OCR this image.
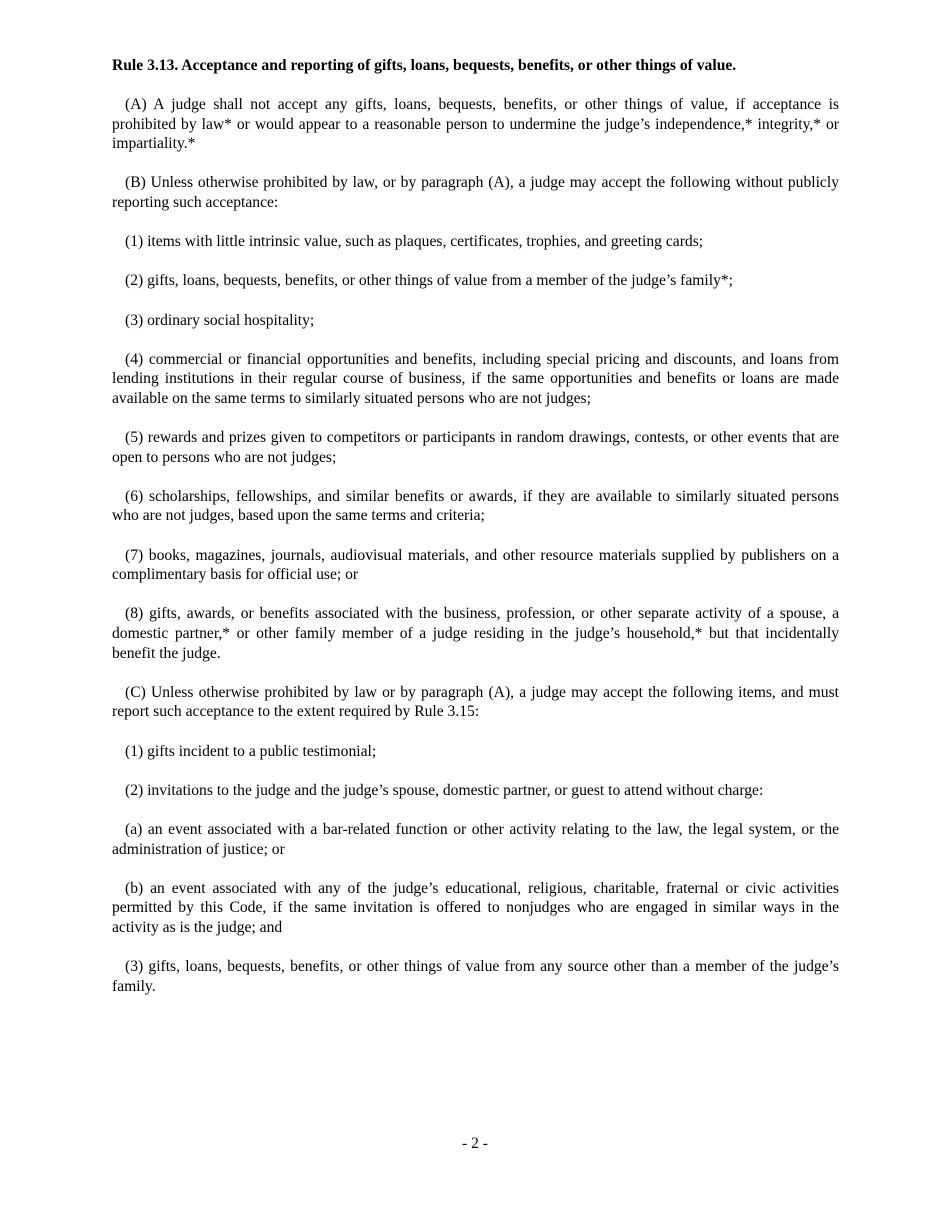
Rule 3.13. Acceptance and reporting of gifts, loans, bequests, benefits, or other things of value.

(A) A judge shall not accept any gifts, loans, bequests, benefits, or other things of value, if acceptance is prohibited by law* or would appear to a reasonable person to undermine the judge’s independence,* integrity,* or impartiality.*

(B) Unless otherwise prohibited by law, or by paragraph (A), a judge may accept the following without publicly reporting such acceptance:

(1) items with little intrinsic value, such as plaques, certificates, trophies, and greeting cards;

(2) gifts, loans, bequests, benefits, or other things of value from a member of the judge’s family*;

(3) ordinary social hospitality;

(4) commercial or financial opportunities and benefits, including special pricing and discounts, and loans from lending institutions in their regular course of business, if the same opportunities and benefits or loans are made available on the same terms to similarly situated persons who are not judges;

(5) rewards and prizes given to competitors or participants in random drawings, contests, or other events that are open to persons who are not judges;

(6) scholarships, fellowships, and similar benefits or awards, if they are available to similarly situated persons who are not judges, based upon the same terms and criteria;

(7) books, magazines, journals, audiovisual materials, and other resource materials supplied by publishers on a complimentary basis for official use; or

(8) gifts, awards, or benefits associated with the business, profession, or other separate activity of a spouse, a domestic partner,* or other family member of a judge residing in the judge’s household,* but that incidentally benefit the judge.

(C) Unless otherwise prohibited by law or by paragraph (A), a judge may accept the following items, and must report such acceptance to the extent required by Rule 3.15:

(1) gifts incident to a public testimonial;

(2) invitations to the judge and the judge’s spouse, domestic partner, or guest to attend without charge:

(a) an event associated with a bar-related function or other activity relating to the law, the legal system, or the administration of justice; or

(b) an event associated with any of the judge’s educational, religious, charitable, fraternal or civic activities permitted by this Code, if the same invitation is offered to nonjudges who are engaged in similar ways in the activity as is the judge; and

(3) gifts, loans, bequests, benefits, or other things of value from any source other than a member of the judge’s family.

- 2 -
